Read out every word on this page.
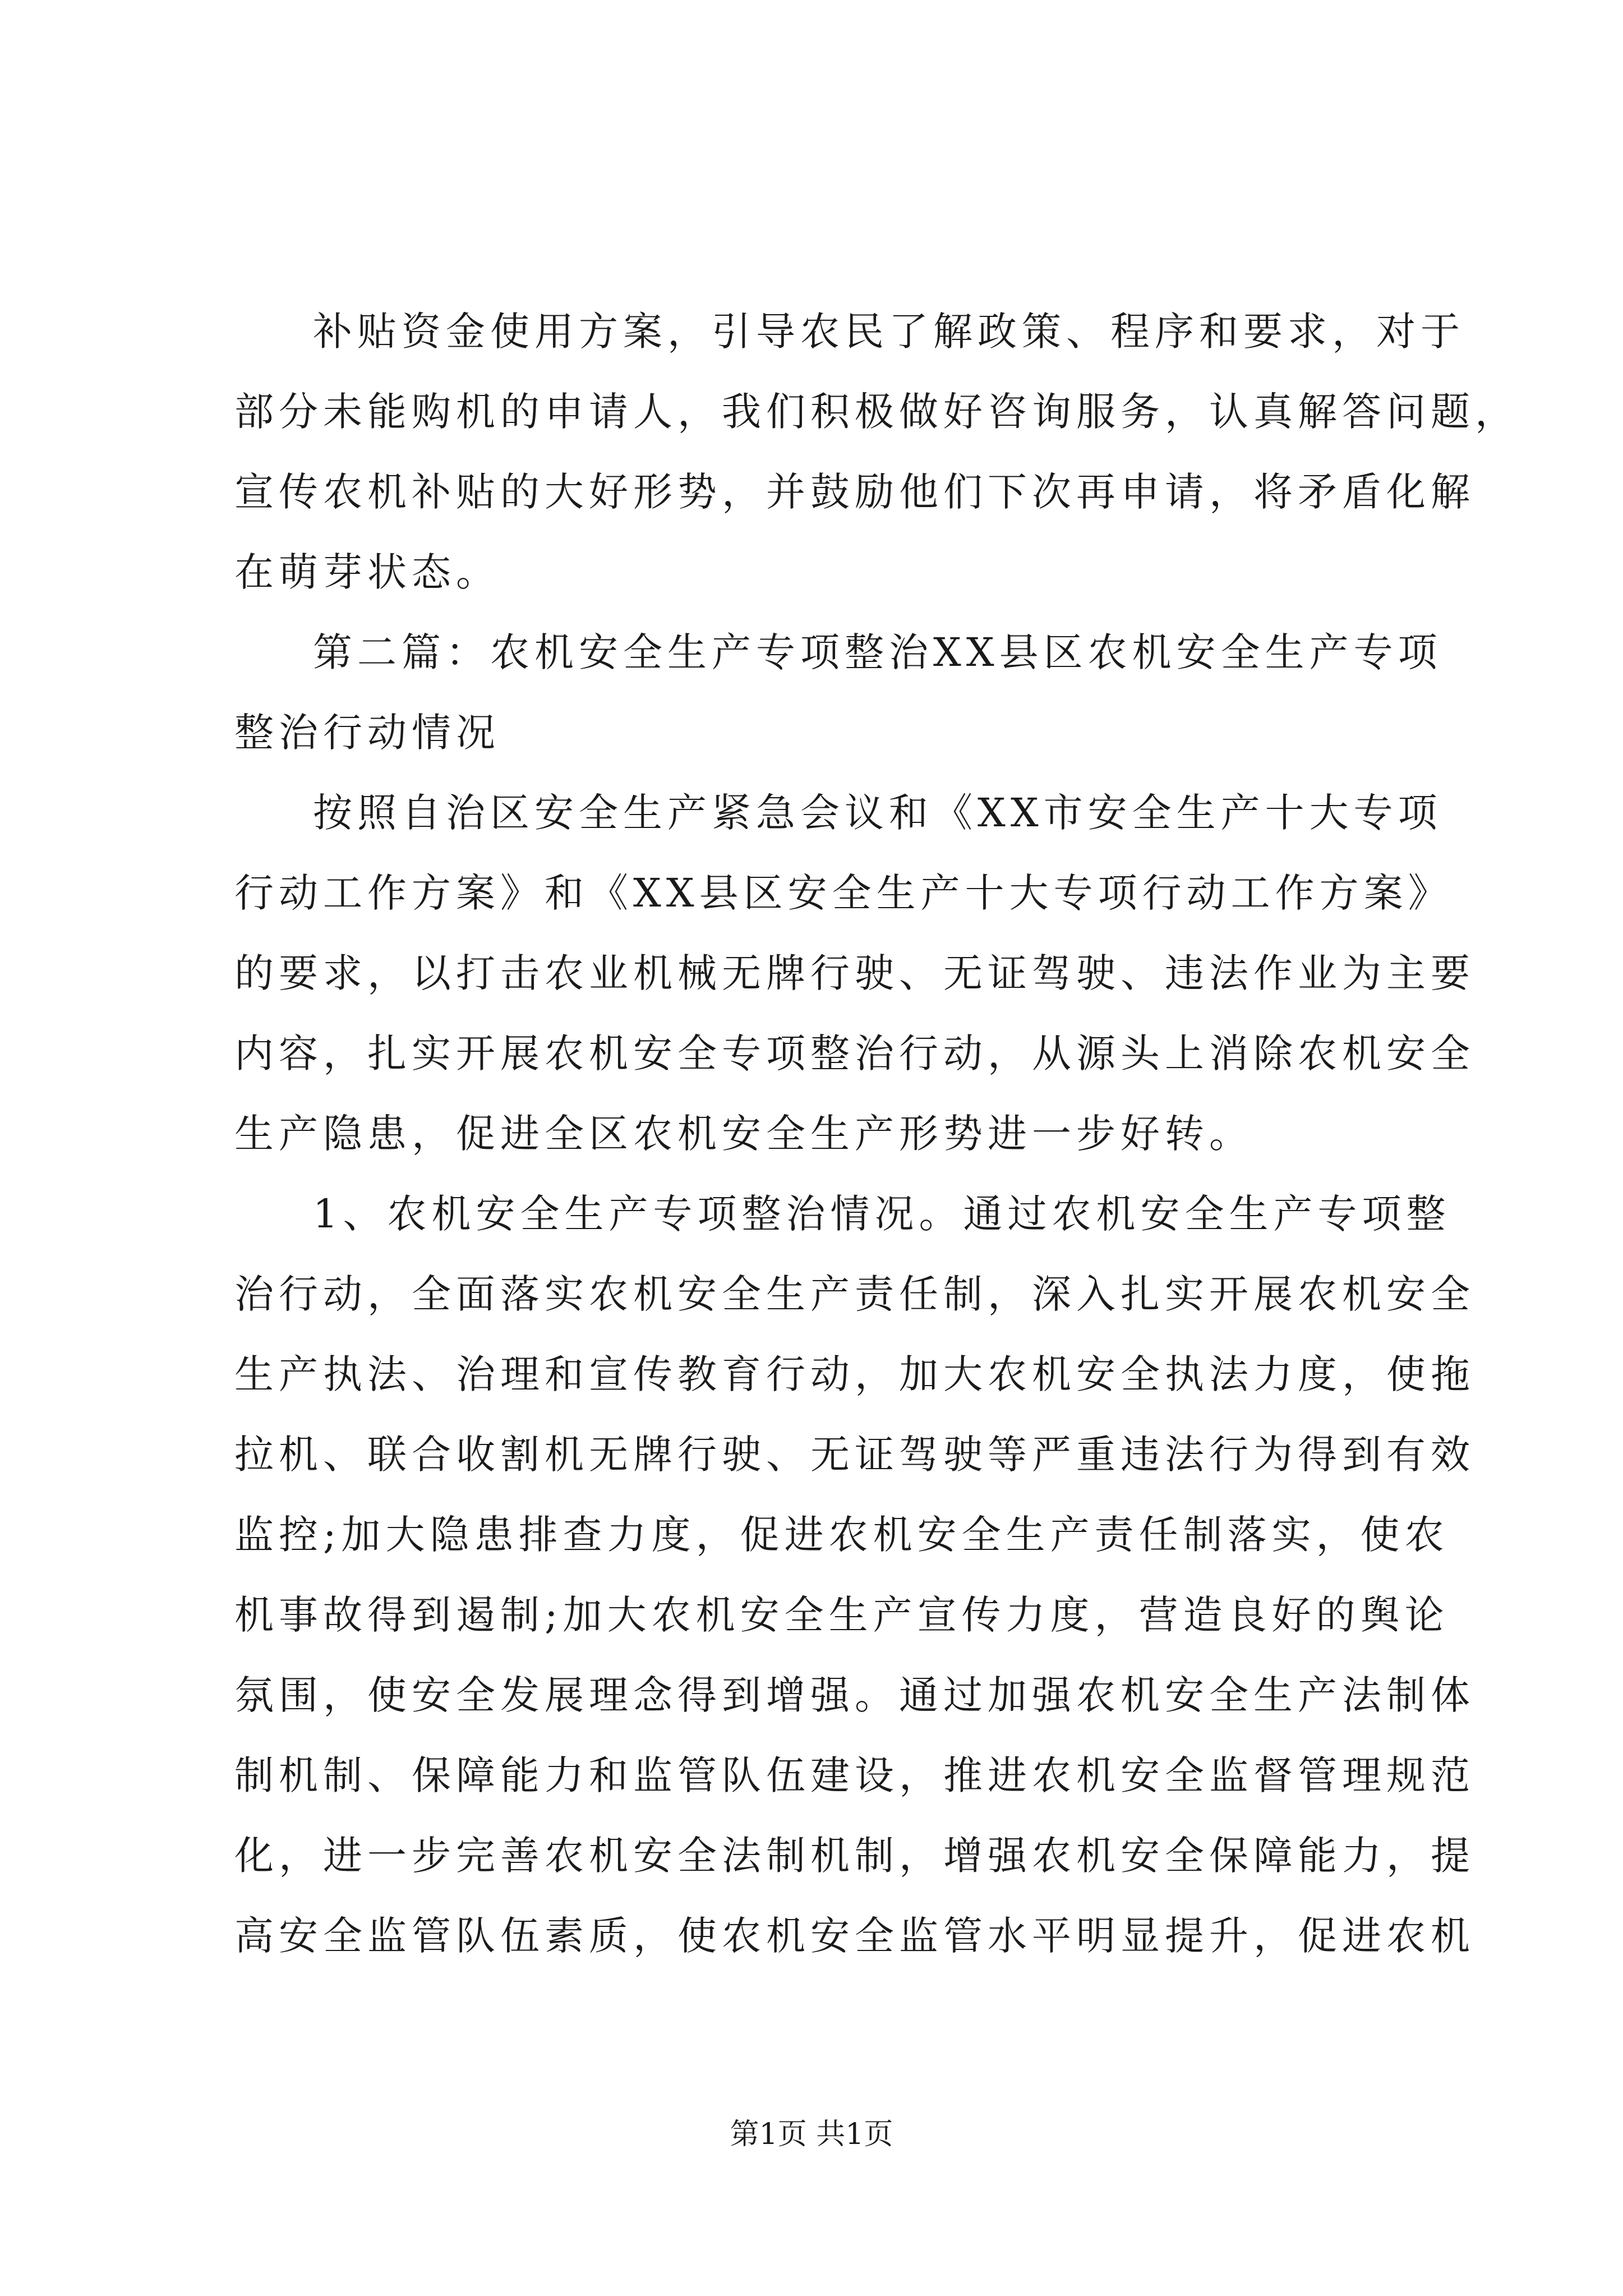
补贴资金使用方案，引导农民了解政策、程序和要求，对于
部分未能购机的申请人，我们积极做好咨询服务，认真解答问题，
宣传农机补贴的大好形势，并鼓励他们下次再申请，将矛盾化解
在萌芽状态。
第二篇：农机安全生产专项整治XX县区农机安全生产专项
整治行动情况
按照自治区安全生产紧急会议和《XX市安全生产十大专项
行动工作方案》和《XX县区安全生产十大专项行动工作方案》
的要求，以打击农业机械无牌行驶、无证驾驶、违法作业为主要
内容，扎实开展农机安全专项整治行动，从源头上消除农机安全
生产隐患，促进全区农机安全生产形势进一步好转。
1、农机安全生产专项整治情况。通过农机安全生产专项整
治行动，全面落实农机安全生产责任制，深入扎实开展农机安全
生产执法、治理和宣传教育行动，加大农机安全执法力度，使拖
拉机、联合收割机无牌行驶、无证驾驶等严重违法行为得到有效
监控;加大隐患排查力度，促进农机安全生产责任制落实，使农
机事故得到遏制;加大农机安全生产宣传力度，营造良好的舆论
氛围，使安全发展理念得到增强。通过加强农机安全生产法制体
制机制、保障能力和监管队伍建设，推进农机安全监督管理规范
化，进一步完善农机安全法制机制，增强农机安全保障能力，提
高安全监管队伍素质，使农机安全监管水平明显提升，促进农机
第1页 共1页
